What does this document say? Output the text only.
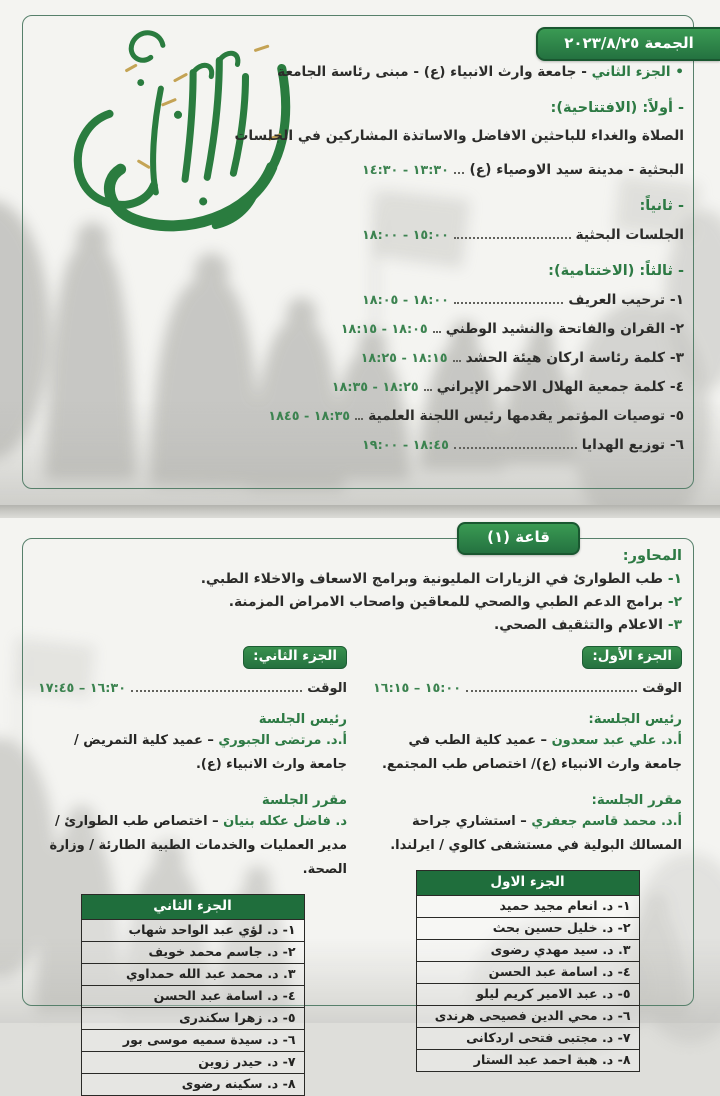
الجمعة ٢٠٢٣/٨/٢٥

• الجزء الثاني - جامعة وارث الانبياء (ع) - مبنى رئاسة الجامعة

- أولاً: (الافتتاحية):

الصلاة والغداء للباحثين الافاضل والاساتذة المشاركين في الجلسات

البحثية - مدينة سيد الاوصياء (ع)
١٣:٣٠ - ١٤:٣٠

- ثانياً:

الجلسات البحثية
١٥:٠٠ - ١٨:٠٠

- ثالثاً: (الاختتامية):

١- ترحيب العريف
١٨:٠٠ - ١٨:٠٥
٢- القران والفاتحة والنشيد الوطني
١٨:٠٥ - ١٨:١٥
٣- كلمة رئاسة اركان هيئة الحشد
١٨:١٥ - ١٨:٢٥
٤- كلمة جمعية الهلال الاحمر الإيراني
١٨:٢٥ - ١٨:٣٥
٥- توصيات المؤتمر يقدمها رئيس اللجنة العلمية
١٨:٣٥ - ١٨٤٥
٦- توزيع الهدايا
١٨:٤٥ - ١٩:٠٠
قاعة (١)

المحاور:

١- طب الطوارئ في الزيارات المليونية وبرامج الاسعاف والاخلاء الطبي.

٢- برامج الدعم الطبي والصحي للمعاقين واصحاب الامراض المزمنة.

٣- الاعلام والتثقيف الصحي.

الجزء الأول:
الوقت
١٥:٠٠ – ١٦:١٥

رئيس الجلسة:

أ.د. علي عبد سعدون – عميد كلية الطب في جامعة وارث الانبياء (ع)/ اختصاص طب المجتمع.

مقرر الجلسة:

أ.د. محمد قاسم جعفري – استشاري جراحة المسالك البولية في مستشفى كالوي / ايرلندا.

الجزء الاول
١- د. انعام مجيد حميد
٢- د. خليل حسين بحث
٣. د. سيد مهدي رضوى
٤- د. اسامة عبد الحسن
٥- د. عبد الامير كريم ليلو
٦- د. محي الدين فصيحى هرندى
٧- د. مجتبى فتحى اردكانى
٨- د. هبة احمد عبد الستار
الجزء الثاني:
الوقت
١٦:٣٠ – ١٧:٤٥

رئيس الجلسة

أ.د. مرتضى الجبوري – عميد كلية التمريض / جامعة وارث الانبياء (ع).

مقرر الجلسة

د. فاضل عكله بنيان – اختصاص طب الطوارئ / مدير العمليات والخدمات الطبية الطارئة / وزارة الصحة.

الجزء الثاني
١- د. لؤي عبد الواحد شهاب
٢- د. جاسم محمد خويف
٣. د. محمد عبد الله حمداوي
٤- د. اسامة عبد الحسن
٥- د. زهرا سكندرى
٦- د. سيدة سميه موسى بور
٧- د. حيدر زوين
٨- د. سكينه رضوى
